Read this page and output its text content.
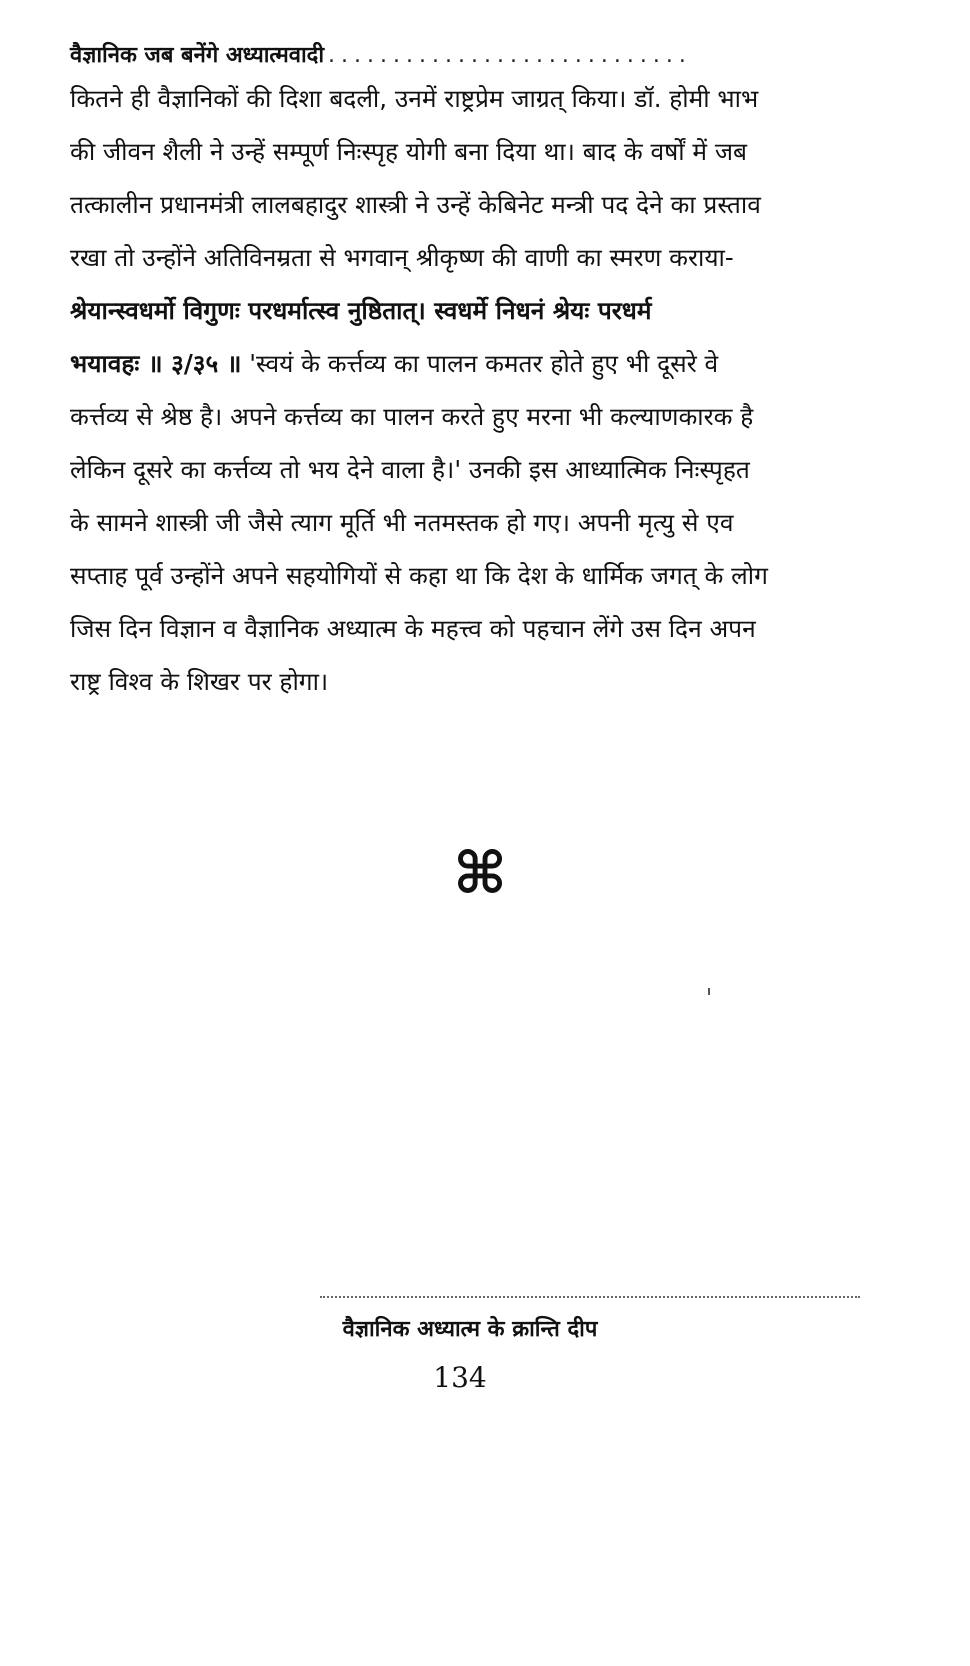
वैज्ञानिक जब बनेंगे अध्यात्मवादी ............................
कितने ही वैज्ञानिकों की दिशा बदली, उनमें राष्ट्रप्रेम जाग्रत् किया। डॉ. होमी भाभ
की जीवन शैली ने उन्हें सम्पूर्ण निःस्पृह योगी बना दिया था। बाद के वर्षों में जब
तत्कालीन प्रधानमंत्री लालबहादुर शास्त्री ने उन्हें केबिनेट मन्त्री पद देने का प्रस्ताव
रखा तो उन्होंने अतिविनम्रता से भगवान् श्रीकृष्ण की वाणी का स्मरण कराया-
श्रेयान्स्वधर्मो विगुणः परधर्मात्स्व नुष्ठितात्। स्वधर्मे निधनं श्रेयः परधर्म
भयावहः ॥ ३/३५ ॥ 'स्वयं के कर्त्तव्य का पालन कमतर होते हुए भी दूसरे वे
कर्त्तव्य से श्रेष्ठ है। अपने कर्त्तव्य का पालन करते हुए मरना भी कल्याणकारक है
लेकिन दूसरे का कर्त्तव्य तो भय देने वाला है।' उनकी इस आध्यात्मिक निःस्पृहत
के सामने शास्त्री जी जैसे त्याग मूर्ति भी नतमस्तक हो गए। अपनी मृत्यु से एव
सप्ताह पूर्व उन्होंने अपने सहयोगियों से कहा था कि देश के धार्मिक जगत् के लोग
जिस दिन विज्ञान व वैज्ञानिक अध्यात्म के महत्त्व को पहचान लेंगे उस दिन अपन
राष्ट्र विश्व के शिखर पर होगा।
⌘
वैज्ञानिक अध्यात्म के क्रान्ति दीप
134
